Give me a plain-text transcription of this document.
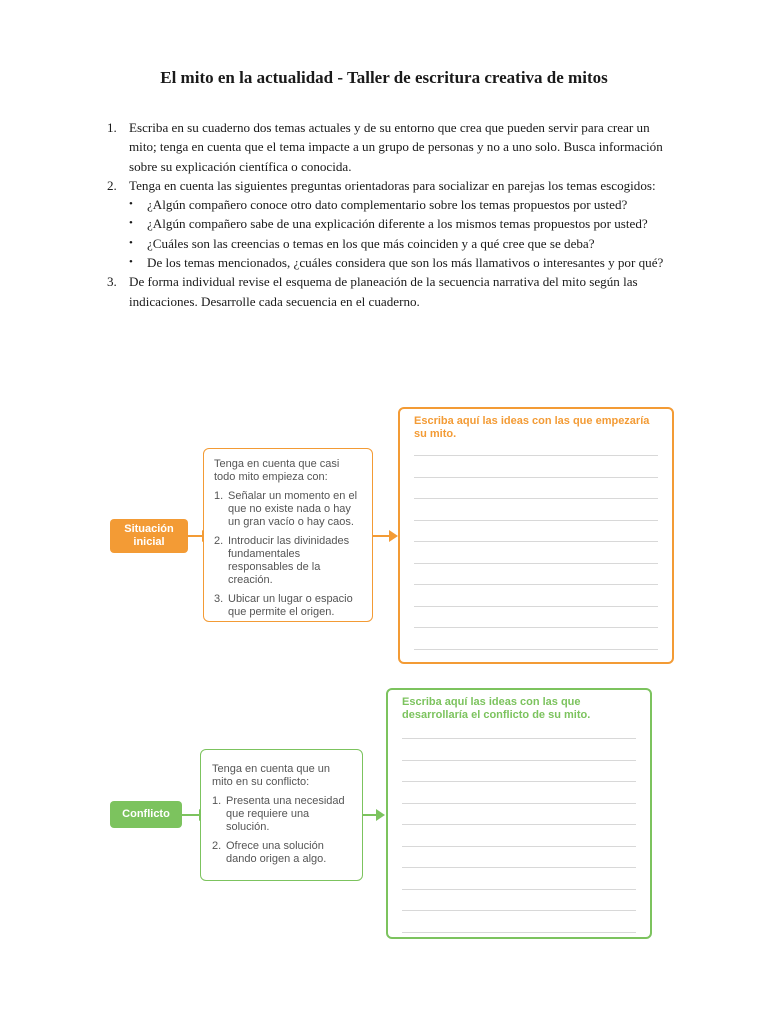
El mito en la actualidad - Taller de escritura creativa de mitos
1. Escriba en su cuaderno dos temas actuales y de su entorno que crea que pueden servir para crear un mito; tenga en cuenta que el tema impacte a un grupo de personas y no a uno solo. Busca información sobre su explicación científica o conocida.
2. Tenga en cuenta las siguientes preguntas orientadoras para socializar en parejas los temas escogidos:
• ¿Algún compañero conoce otro dato complementario sobre los temas propuestos por usted?
• ¿Algún compañero sabe de una explicación diferente a los mismos temas propuestos por usted?
• ¿Cuáles son las creencias o temas en los que más coinciden y a qué cree que se deba?
• De los temas mencionados, ¿cuáles considera que son los más llamativos o interesantes y por qué?
3. De forma individual revise el esquema de planeación de la secuencia narrativa del mito según las indicaciones. Desarrolle cada secuencia en el cuaderno.
Situación inicial
Tenga en cuenta que casi todo mito empieza con:
1. Señalar un momento en el que no existe nada o hay un gran vacío o hay caos.
2. Introducir las divinidades fundamentales responsables de la creación.
3. Ubicar un lugar o espacio que permite el origen.
Escriba aquí las ideas con las que empezaría su mito.
Conflicto
Tenga en cuenta que un mito en su conflicto:
1. Presenta una necesidad que requiere una solución.
2. Ofrece una solución dando origen a algo.
Escriba aquí las ideas con las que desarrollaría el conflicto de su mito.
